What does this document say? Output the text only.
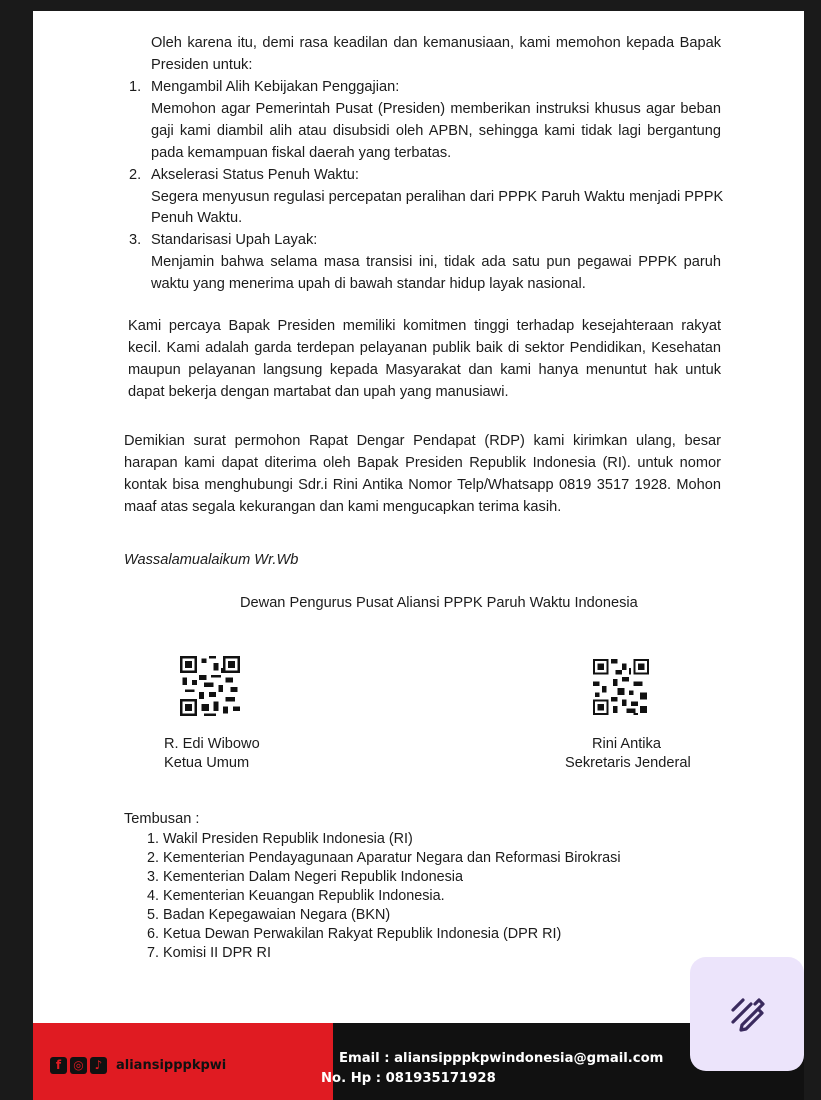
Oleh karena itu, demi rasa keadilan dan kemanusiaan, kami memohon kepada Bapak
Presiden untuk:
1. Mengambil Alih Kebijakan Penggajian:
Memohon agar Pemerintah Pusat (Presiden) memberikan instruksi khusus agar beban
gaji kami diambil alih atau disubsidi oleh APBN, sehingga kami tidak lagi bergantung
pada kemampuan fiskal daerah yang terbatas.
2. Akselerasi Status Penuh Waktu:
Segera menyusun regulasi percepatan peralihan dari PPPK Paruh Waktu menjadi PPPK
Penuh Waktu.
3. Standarisasi Upah Layak:
Menjamin bahwa selama masa transisi ini, tidak ada satu pun pegawai PPPK paruh
waktu yang menerima upah di bawah standar hidup layak nasional.
Kami percaya Bapak Presiden memiliki komitmen tinggi terhadap kesejahteraan rakyat
kecil. Kami adalah garda terdepan pelayanan publik baik di sektor Pendidikan, Kesehatan
maupun pelayanan langsung kepada Masyarakat dan kami hanya menuntut hak untuk
dapat bekerja dengan martabat dan upah yang manusiawi.
Demikian surat permohon Rapat Dengar Pendapat (RDP) kami kirimkan ulang, besar
harapan kami dapat diterima oleh Bapak Presiden Republik Indonesia (RI). untuk nomor
kontak bisa menghubungi Sdr.i Rini Antika Nomor Telp/Whatsapp 0819 3517 1928. Mohon
maaf atas segala kekurangan dan kami mengucapkan terima kasih.
Wassalamualaikum Wr.Wb
Dewan Pengurus Pusat Aliansi PPPK Paruh Waktu Indonesia
R. Edi Wibowo
Ketua Umum
Rini Antika
Sekretaris Jenderal
Tembusan :
1. Wakil Presiden Republik Indonesia (RI)
2. Kementerian Pendayagunaan Aparatur Negara dan Reformasi Birokrasi
3. Kementerian Dalam Negeri Republik Indonesia
4. Kementerian Keuangan Republik Indonesia.
5. Badan Kepegawaian Negara (BKN)
6. Ketua Dewan Perwakilan Rakyat Republik Indonesia (DPR RI)
7. Komisi II DPR RI
f	◎ ♪	aliansipppkpwi	Email : aliansipppkpwindonesia@gmail.com
No. Hp : 081935171928
